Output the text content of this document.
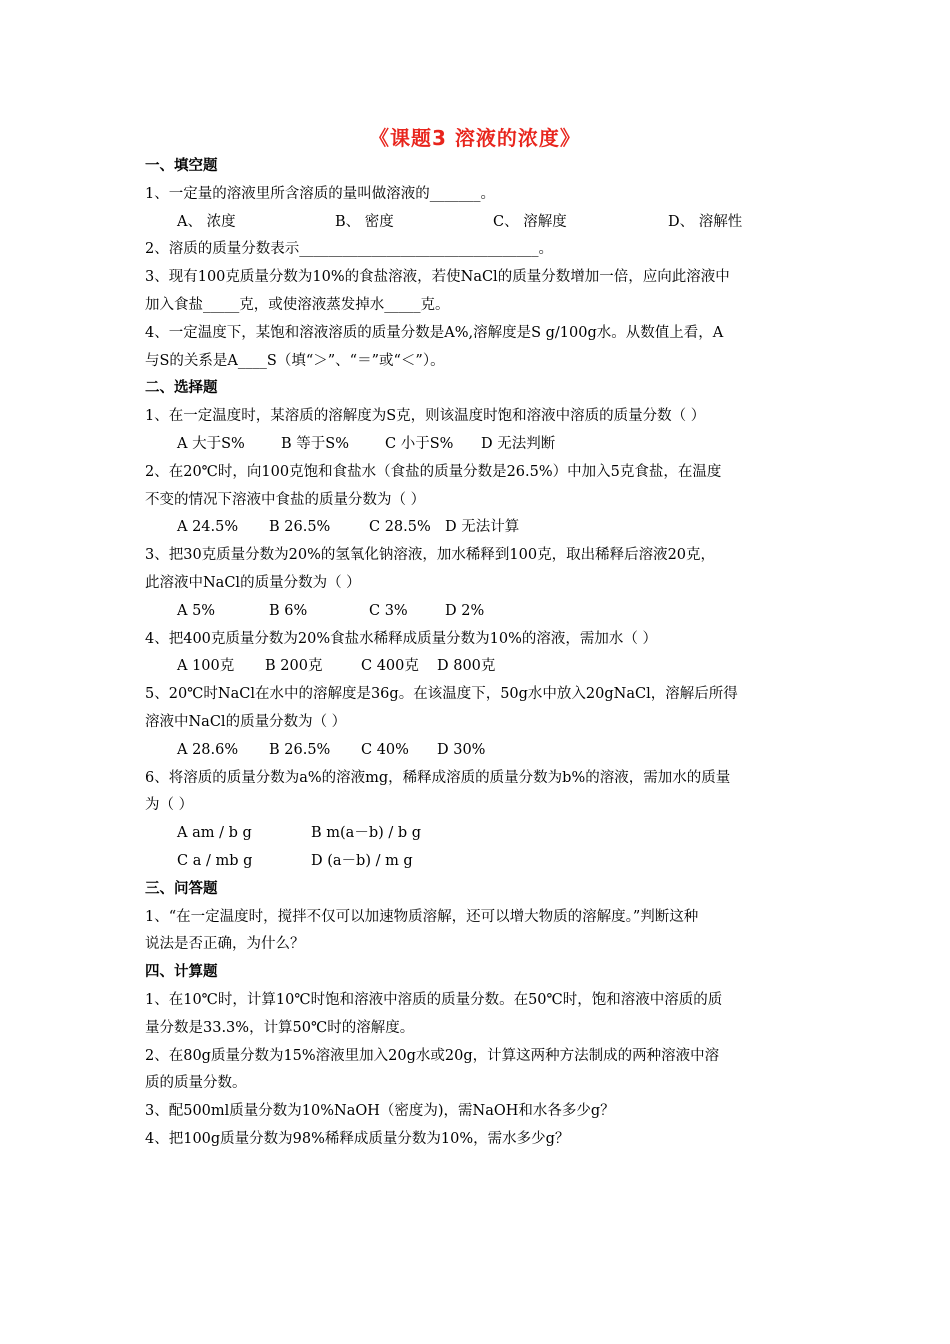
《课题3 溶液的浓度》
一、填空题
1、一定量的溶液里所含溶质的量叫做溶液的_______。
A、 浓度	B、 密度	C、 溶解度	D、 溶解性
2、溶质的质量分数表示_________________________________。
3、现有100克质量分数为10%的食盐溶液，若使NaCl的质量分数增加一倍，应向此溶液中
加入食盐_____克，或使溶液蒸发掉水_____克。
4、一定温度下，某饱和溶液溶质的质量分数是A%,溶解度是S g/100g水。从数值上看，A
与S的关系是A____S（填“＞”、“＝”或“＜”）。
二、选择题
1、在一定温度时，某溶质的溶解度为S克，则该温度时饱和溶液中溶质的质量分数（ ）
A 大于S% B 等于S% C 小于S% D 无法判断
2、在20℃时，向100克饱和食盐水（食盐的质量分数是26.5%）中加入5克食盐，在温度
不变的情况下溶液中食盐的质量分数为（ ）
A 24.5% B 26.5%	C 28.5% D 无法计算
3、把30克质量分数为20%的氢氧化钠溶液，加水稀释到100克，取出稀释后溶液20克，
此溶液中NaCl的质量分数为（ ）
A 5%	B 6%	C 3%	D 2%
4、把400克质量分数为20%食盐水稀释成质量分数为10%的溶液，需加水（ ）
A 100克 B 200克	C 400克 D 800克
5、20℃时NaCl在水中的溶解度是36g。在该温度下，50g水中放入20gNaCl，溶解后所得
溶液中NaCl的质量分数为（ ）
A 28.6% B 26.5% C 40% D 30%
6、将溶质的质量分数为a%的溶液mg，稀释成溶质的质量分数为b%的溶液，需加水的质量
为（ ）
A am / b g	B m(a－b) / b g
C a / mb g	D (a－b) / m g
三、问答题
1、“在一定温度时，搅拌不仅可以加速物质溶解，还可以增大物质的溶解度。”判断这种
说法是否正确，为什么？
四、计算题
1、在10℃时，计算10℃时饱和溶液中溶质的质量分数。在50℃时，饱和溶液中溶质的质
量分数是33.3%，计算50℃时的溶解度。
2、在80g质量分数为15%溶液里加入20g水或20g，计算这两种方法制成的两种溶液中溶
质的质量分数。
3、配500ml质量分数为10%NaOH（密度为)，需NaOH和水各多少g？
4、把100g质量分数为98%稀释成质量分数为10%，需水多少g？
